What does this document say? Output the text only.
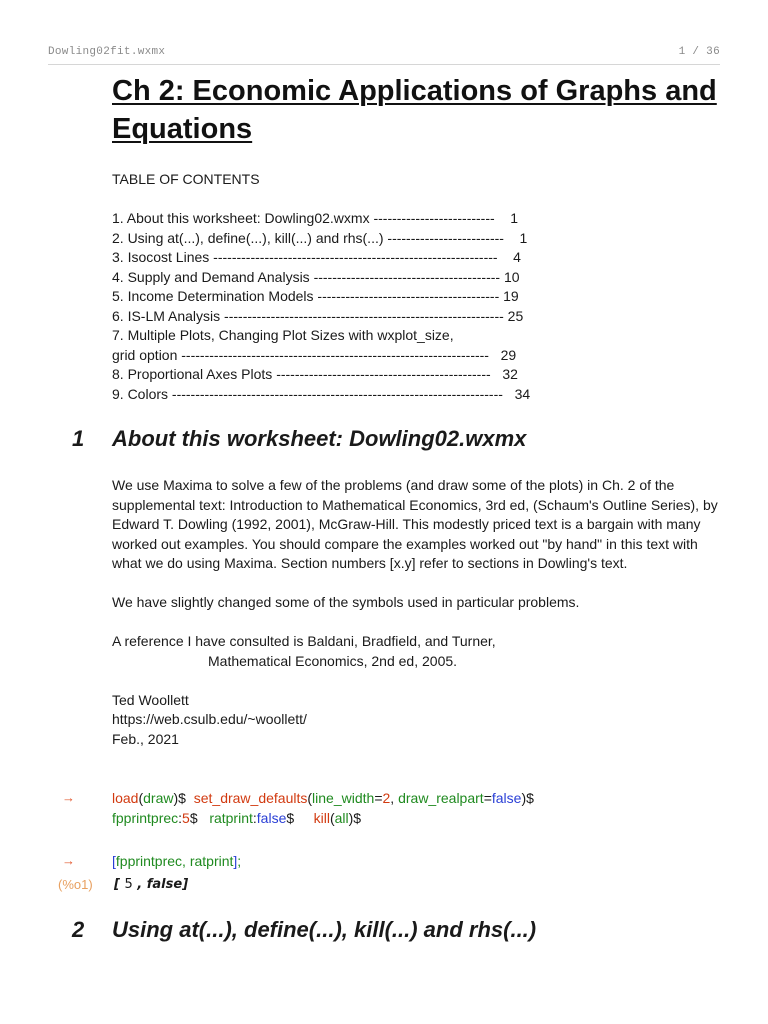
Dowling02fit.wxmx	1 / 36
Ch 2: Economic Applications of Graphs and Equations
TABLE OF CONTENTS
1. About this worksheet: Dowling02.wxmx --------------------------    1
2. Using at(...), define(...), kill(...) and rhs(...) -------------------------    1
3. Isocost Lines -------------------------------------------------------------    4
4. Supply and Demand Analysis ---------------------------------------- 10
5. Income Determination Models --------------------------------------- 19
6. IS-LM Analysis ------------------------------------------------------------ 25
7. Multiple Plots, Changing Plot Sizes with wxplot_size,
grid option ------------------------------------------------------------------   29
8. Proportional Axes Plots ----------------------------------------------   32
9. Colors -----------------------------------------------------------------------   34
1 About this worksheet: Dowling02.wxmx

We use Maxima to solve a few of the problems (and draw some of the plots) in Ch. 2 of the supplemental text: Introduction to Mathematical Economics, 3rd ed, (Schaum's Outline Series), by Edward T. Dowling (1992, 2001), McGraw-Hill. This modestly priced text is a bargain with many worked out examples. You should compare the examples worked out "by hand" in this text with what we do using Maxima. Section numbers [x.y] refer to sections in Dowling's text.

We have slightly changed some of the symbols used in particular problems.

A reference I have consulted is Baldani, Bradfield, and Turner,
Mathematical Economics, 2nd ed, 2005.
Ted Woollett
https://web.csulb.edu/~woollett/
Feb., 2021
→	load(draw)$  set_draw_defaults(line_width=2, draw_realpart=false)$
fpprintprec:5$   ratprint:false$     kill(all)$
→	[fpprintprec, ratprint];
(%o1) [ 5 , false]
2 Using at(...), define(...), kill(...) and rhs(...)
